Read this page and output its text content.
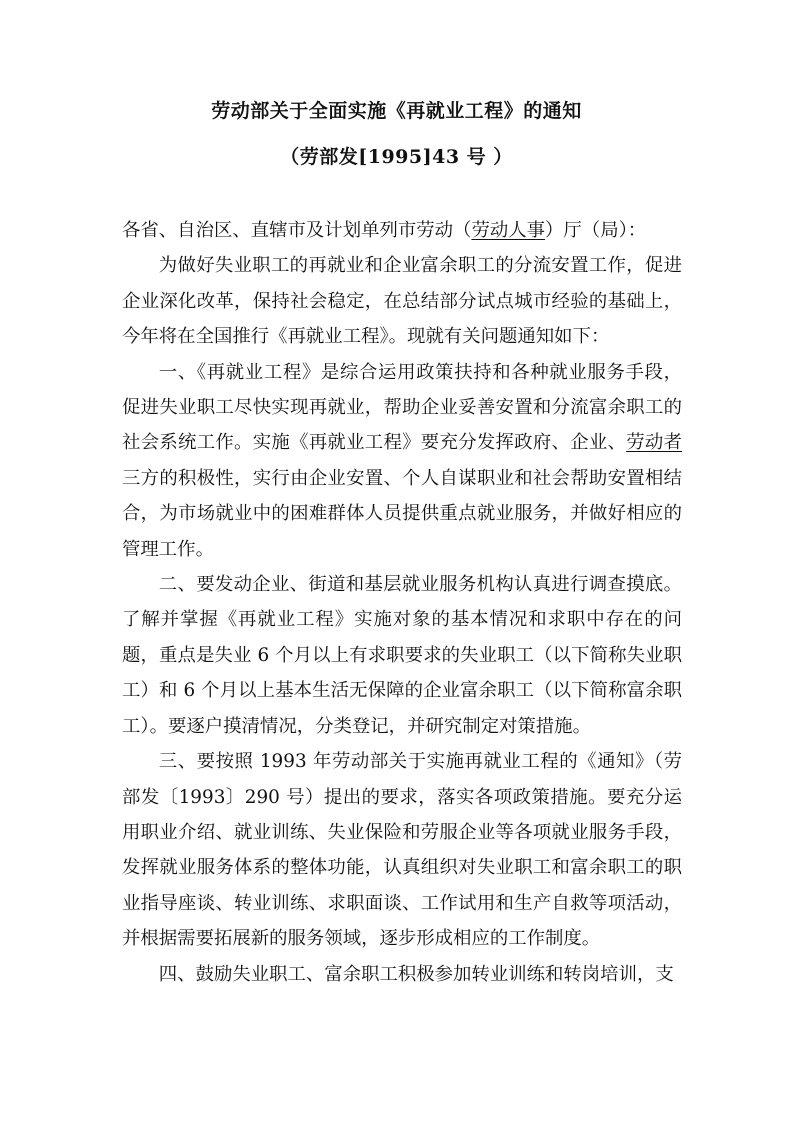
劳动部关于全面实施《再就业工程》的通知
（劳部发[1995]43 号 ）

各省、自治区、直辖市及计划单列市劳动（劳动人事）厅（局）：

为做好失业职工的再就业和企业富余职工的分流安置工作，促进企业深化改革，保持社会稳定，在总结部分试点城市经验的基础上，今年将在全国推行《再就业工程》。现就有关问题通知如下：

一、《再就业工程》是综合运用政策扶持和各种就业服务手段，促进失业职工尽快实现再就业，帮助企业妥善安置和分流富余职工的社会系统工作。实施《再就业工程》要充分发挥政府、企业、劳动者三方的积极性，实行由企业安置、个人自谋职业和社会帮助安置相结合，为市场就业中的困难群体人员提供重点就业服务，并做好相应的管理工作。

二、要发动企业、街道和基层就业服务机构认真进行调查摸底。了解并掌握《再就业工程》实施对象的基本情况和求职中存在的问题，重点是失业 6 个月以上有求职要求的失业职工（以下简称失业职工）和 6 个月以上基本生活无保障的企业富余职工（以下简称富余职工）。要逐户摸清情况，分类登记，并研究制定对策措施。

三、要按照 1993 年劳动部关于实施再就业工程的《通知》（劳部发〔1993〕290 号）提出的要求，落实各项政策措施。要充分运用职业介绍、就业训练、失业保险和劳服企业等各项就业服务手段，发挥就业服务体系的整体功能，认真组织对失业职工和富余职工的职业指导座谈、转业训练、求职面谈、工作试用和生产自救等项活动，并根据需要拓展新的服务领域，逐步形成相应的工作制度。

四、鼓励失业职工、富余职工积极参加转业训练和转岗培训，支
